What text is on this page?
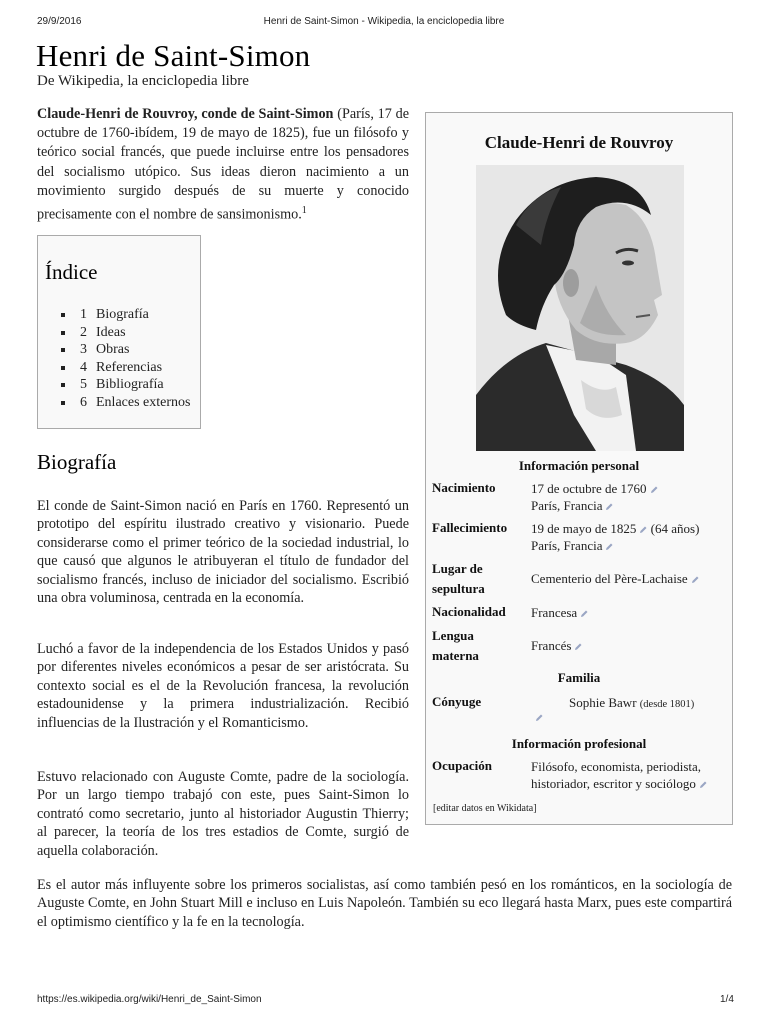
29/9/2016	Henri de Saint-Simon - Wikipedia, la enciclopedia libre
Henri de Saint-Simon
De Wikipedia, la enciclopedia libre

Claude-Henri de Rouvroy, conde de Saint-Simon (París, 17 de octubre de 1760-ibídem, 19 de mayo de 1825), fue un filósofo y teórico social francés, que puede incluirse entre los pensadores del socialismo utópico. Sus ideas dieron nacimiento a un movimiento surgido después de su muerte y conocido precisamente con el nombre de sansimonismo.$^1$

Índice
1 Biografía
2 Ideas
3 Obras
4 Referencias
5 Bibliografía
6 Enlaces externos
Biografía

El conde de Saint-Simon nació en París en 1760. Representó un prototipo del espíritu ilustrado creativo y visionario. Puede considerarse como el primer teórico de la sociedad industrial, lo que causó que algunos le atribuyeran el título de fundador del socialismo francés, incluso de iniciador del socialismo. Escribió una obra voluminosa, centrada en la economía.

Luchó a favor de la independencia de los Estados Unidos y pasó por diferentes niveles económicos a pesar de ser aristócrata. Su contexto social es el de la Revolución francesa, la revolución estadounidense y la primera industrialización. Recibió influencias de la Ilustración y el Romanticismo.

Estuvo relacionado con Auguste Comte, padre de la sociología. Por un largo tiempo trabajó con este, pues Saint-Simon lo contrató como secretario, junto al historiador Augustin Thierry; al parecer, la teoría de los tres estadios de Comte, surgió de aquella colaboración.

Es el autor más influyente sobre los primeros socialistas, así como también pesó en los románticos, en la sociología de Auguste Comte, en John Stuart Mill e incluso en Luis Napoleón. También su eco llegará hasta Marx, pues este compartirá el optimismo científico y la fe en la tecnología.

Claude-Henri de Rouvroy
Información personal
Nacimiento	17 de octubre de 1760
París, Francia
Fallecimiento 19 de mayo de 1825 (64 años)
París, Francia
Lugar de
sepultura
Cementerio del Père-Lachaise
Nacionalidad Francesa
Lengua
materna
Francés
Familia
Cónyuge	Sophie Bawr (desde 1801)
Información profesional
Ocupación	Filósofo, economista, periodista,
historiador, escritor y sociólogo
[editar datos en Wikidata]
https://es.wikipedia.org/wiki/Henri_de_Saint-Simon	1/4
